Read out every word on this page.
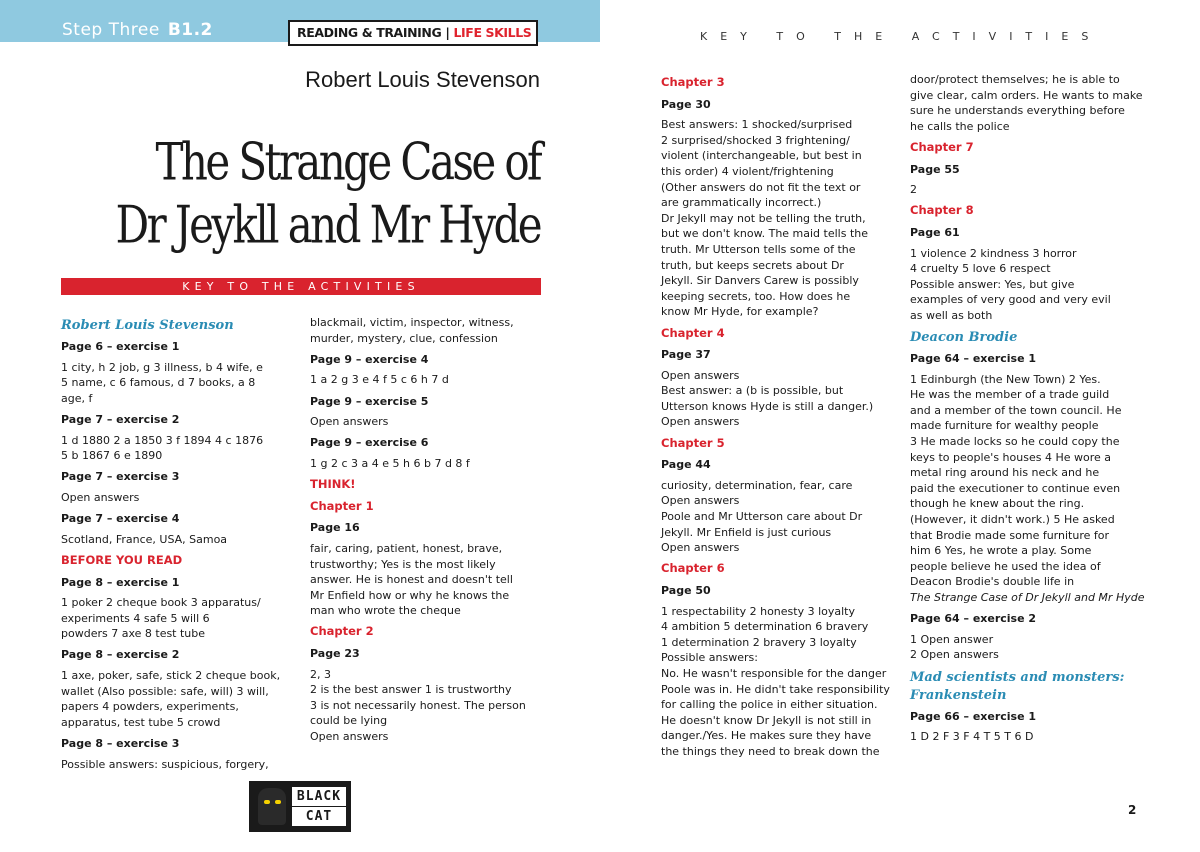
Step Three B1.2	READING & TRAINING | LIFE SKILLS
Robert Louis Stevenson
The Strange Case of
Dr Jeykll and Mr Hyde
KEY TO THE ACTIVITIES
KEY TO THE ACTIVITIES
Robert Louis Stevenson
Page 6 – exercise 1

1 city, h 2 job, g 3 illness, b 4 wife, e
5 name, c 6 famous, d 7 books, a 8
age, f

Page 7 – exercise 2

1 d 1880 2 a 1850 3 f 1894 4 c 1876
5 b 1867 6 e 1890

Page 7 – exercise 3

Open answers

Page 7 – exercise 4

Scotland, France, USA, Samoa

BEFORE YOU READ
Page 8 – exercise 1

1 poker 2 cheque book 3 apparatus/
experiments 4 safe 5 will 6
powders 7 axe 8 test tube

Page 8 – exercise 2

1 axe, poker, safe, stick 2 cheque book,
wallet (Also possible: safe, will) 3 will,
papers 4 powders, experiments,
apparatus, test tube 5 crowd

Page 8 – exercise 3

Possible answers: suspicious, forgery,

blackmail, victim, inspector, witness,
murder, mystery, clue, confession

Page 9 – exercise 4

1 a 2 g 3 e 4 f 5 c 6 h 7 d

Page 9 – exercise 5

Open answers

Page 9 – exercise 6

1 g 2 c 3 a 4 e 5 h 6 b 7 d 8 f

THINK!
Chapter 1
Page 16

fair, caring, patient, honest, brave,
trustworthy; Yes is the most likely
answer. He is honest and doesn't tell
Mr Enfield how or why he knows the
man who wrote the cheque

Chapter 2
Page 23

2, 3
2 is the best answer 1 is trustworthy
3 is not necessarily honest. The person
could be lying
Open answers

Chapter 3
Page 30

Best answers: 1 shocked/surprised
2 surprised/shocked 3 frightening/
violent (interchangeable, but best in
this order) 4 violent/frightening
(Other answers do not fit the text or
are grammatically incorrect.)
Dr Jekyll may not be telling the truth,
but we don't know. The maid tells the
truth. Mr Utterson tells some of the
truth, but keeps secrets about Dr
Jekyll. Sir Danvers Carew is possibly
keeping secrets, too. How does he
know Mr Hyde, for example?

Chapter 4
Page 37

Open answers
Best answer: a (b is possible, but
Utterson knows Hyde is still a danger.)
Open answers

Chapter 5
Page 44

curiosity, determination, fear, care
Open answers
Poole and Mr Utterson care about Dr
Jekyll. Mr Enfield is just curious
Open answers

Chapter 6
Page 50

1 respectability 2 honesty 3 loyalty
4 ambition 5 determination 6 bravery
1 determination 2 bravery 3 loyalty
Possible answers:
No. He wasn't responsible for the danger
Poole was in. He didn't take responsibility
for calling the police in either situation.
He doesn't know Dr Jekyll is not still in
danger./Yes. He makes sure they have
the things they need to break down the

door/protect themselves; he is able to
give clear, calm orders. He wants to make
sure he understands everything before
he calls the police

Chapter 7
Page 55

2

Chapter 8
Page 61

1 violence 2 kindness 3 horror
4 cruelty 5 love 6 respect
Possible answer: Yes, but give
examples of very good and very evil
as well as both

Deacon Brodie
Page 64 – exercise 1

1 Edinburgh (the New Town) 2 Yes.
He was the member of a trade guild
and a member of the town council. He
made furniture for wealthy people
3 He made locks so he could copy the
keys to people's houses 4 He wore a
metal ring around his neck and he
paid the executioner to continue even
though he knew about the ring.
(However, it didn't work.) 5 He asked
that Brodie made some furniture for
him 6 Yes, he wrote a play. Some
people believe he used the idea of
Deacon Brodie's double life in
The Strange Case of Dr Jekyll and Mr Hyde

Page 64 – exercise 2

1 Open answer
2 Open answers

Mad scientists and monsters:
Frankenstein
Page 66 – exercise 1

1 D 2 F 3 F 4 T 5 T 6 D

BLACK
CAT	2
